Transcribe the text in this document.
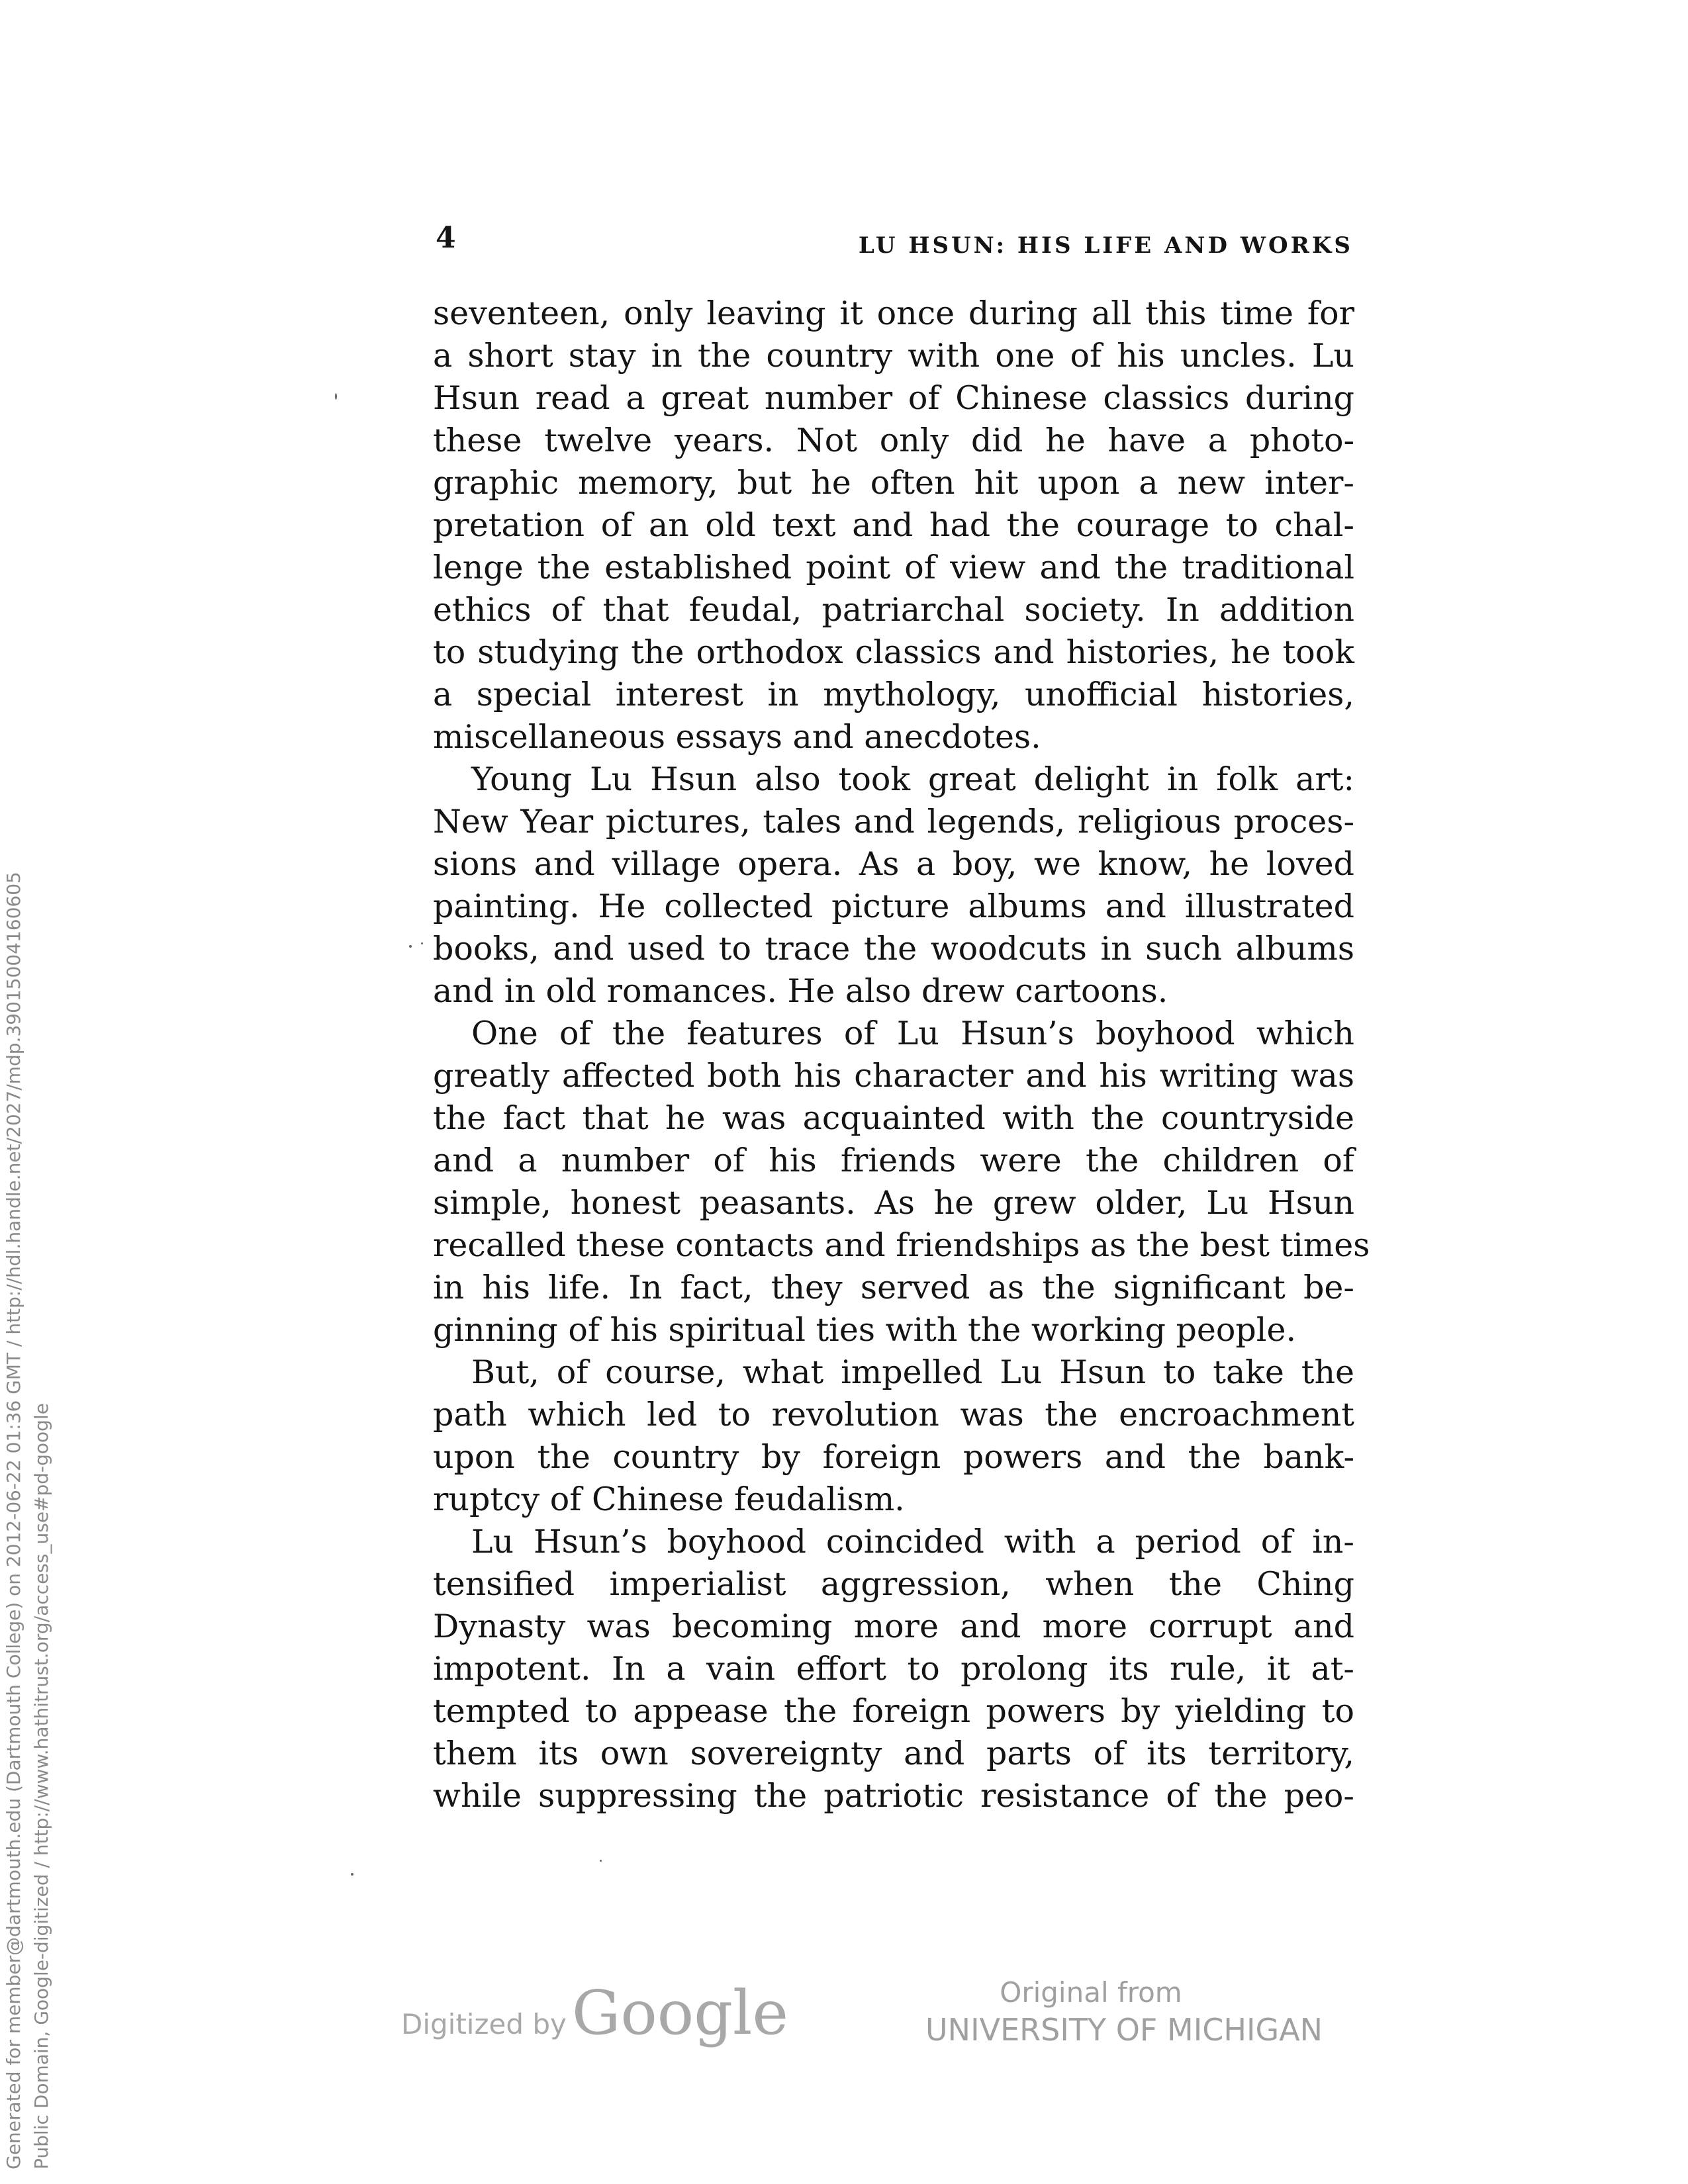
4	LU HSUN: HIS LIFE AND WORKS
seventeen, only leaving it once during all this time for
a short stay in the country with one of his uncles. Lu
Hsun read a great number of Chinese classics during
these twelve years. Not only did he have a photo-
graphic memory, but he often hit upon a new inter-
pretation of an old text and had the courage to chal-
lenge the established point of view and the traditional
ethics of that feudal, patriarchal society. In addition
to studying the orthodox classics and histories, he took
a special interest in mythology, unofficial histories,
miscellaneous essays and anecdotes.
Young Lu Hsun also took great delight in folk art:
New Year pictures, tales and legends, religious proces-
sions and village opera. As a boy, we know, he loved
painting. He collected picture albums and illustrated
books, and used to trace the woodcuts in such albums
and in old romances. He also drew cartoons.
One of the features of Lu Hsun’s boyhood which
greatly affected both his character and his writing was
the fact that he was acquainted with the countryside
and a number of his friends were the children of
simple, honest peasants. As he grew older, Lu Hsun
recalled these contacts and friendships as the best times
in his life. In fact, they served as the significant be-
ginning of his spiritual ties with the working people.
But, of course, what impelled Lu Hsun to take the
path which led to revolution was the encroachment
upon the country by foreign powers and the bank-
ruptcy of Chinese feudalism.
Lu Hsun’s boyhood coincided with a period of in-
tensified imperialist aggression, when the Ching
Dynasty was becoming more and more corrupt and
impotent. In a vain effort to prolong its rule, it at-
tempted to appease the foreign powers by yielding to
them its own sovereignty and parts of its territory,
while suppressing the patriotic resistance of the peo-
Generated for member@dartmouth.edu (Dartmouth College) on 2012-06-22 01:36 GMT / http://hdl.handle.net/2027/mdp.39015004160605 Public Domain, Google-digitized / http://www.hathitrust.org/access_use#pd-google	Digitized byGoogle	Original from
UNIVERSITY OF MICHIGAN
